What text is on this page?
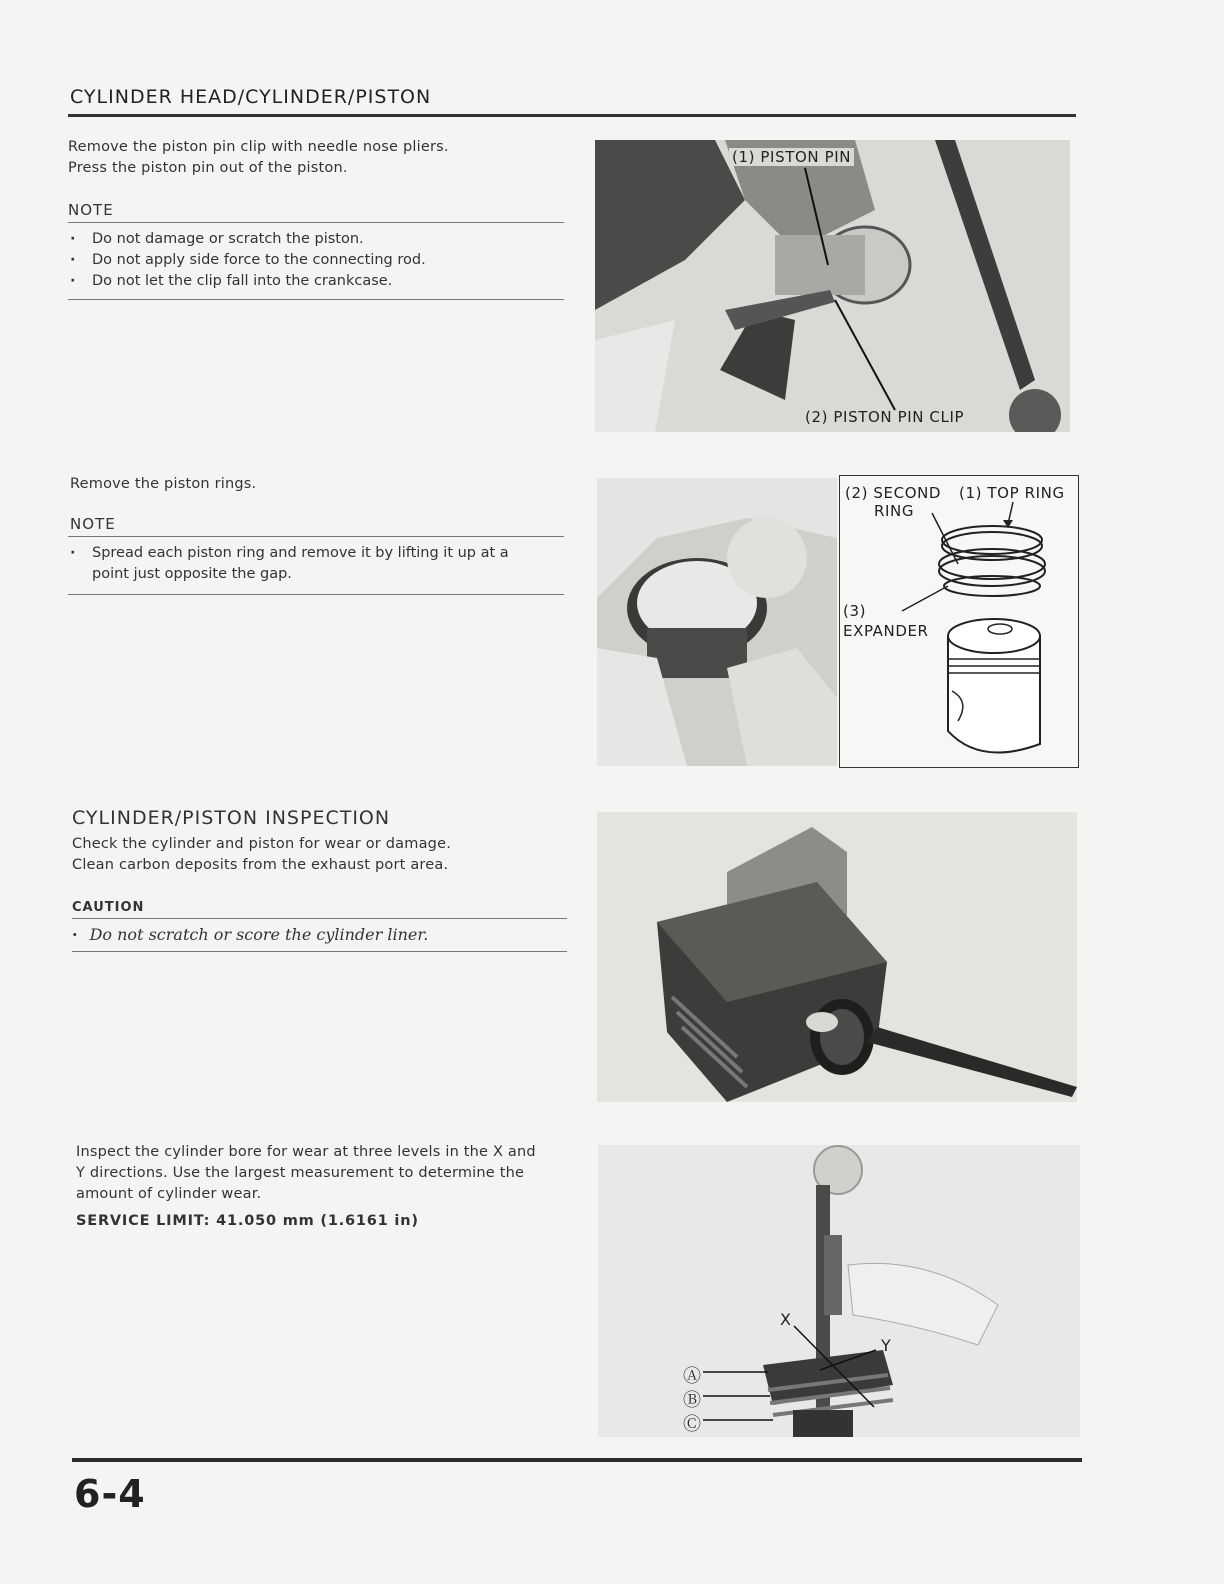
CYLINDER HEAD/CYLINDER/PISTON
Remove the piston pin clip with needle nose pliers.
Press the piston pin out of the piston.
NOTE
· Do not damage or scratch the piston.
· Do not apply side force to the connecting rod.
· Do not let the clip fall into the crankcase.
(1) PISTON PIN
(2) PISTON PIN CLIP
Remove the piston rings.
NOTE
· Spread each piston ring and remove it by lifting it up at a
point just opposite the gap.
(2) SECOND
RING
(1) TOP RING
(3)
EXPANDER
CYLINDER/PISTON INSPECTION
Check the cylinder and piston for wear or damage.
Clean carbon deposits from the exhaust port area.
CAUTION
· Do not scratch or score the cylinder liner.
Inspect the cylinder bore for wear at three levels in the X and
Y directions. Use the largest measurement to determine the
amount of cylinder wear.
SERVICE LIMIT: 41.050 mm (1.6161 in)
X
Y
Ⓐ
Ⓑ
Ⓒ
6-4
